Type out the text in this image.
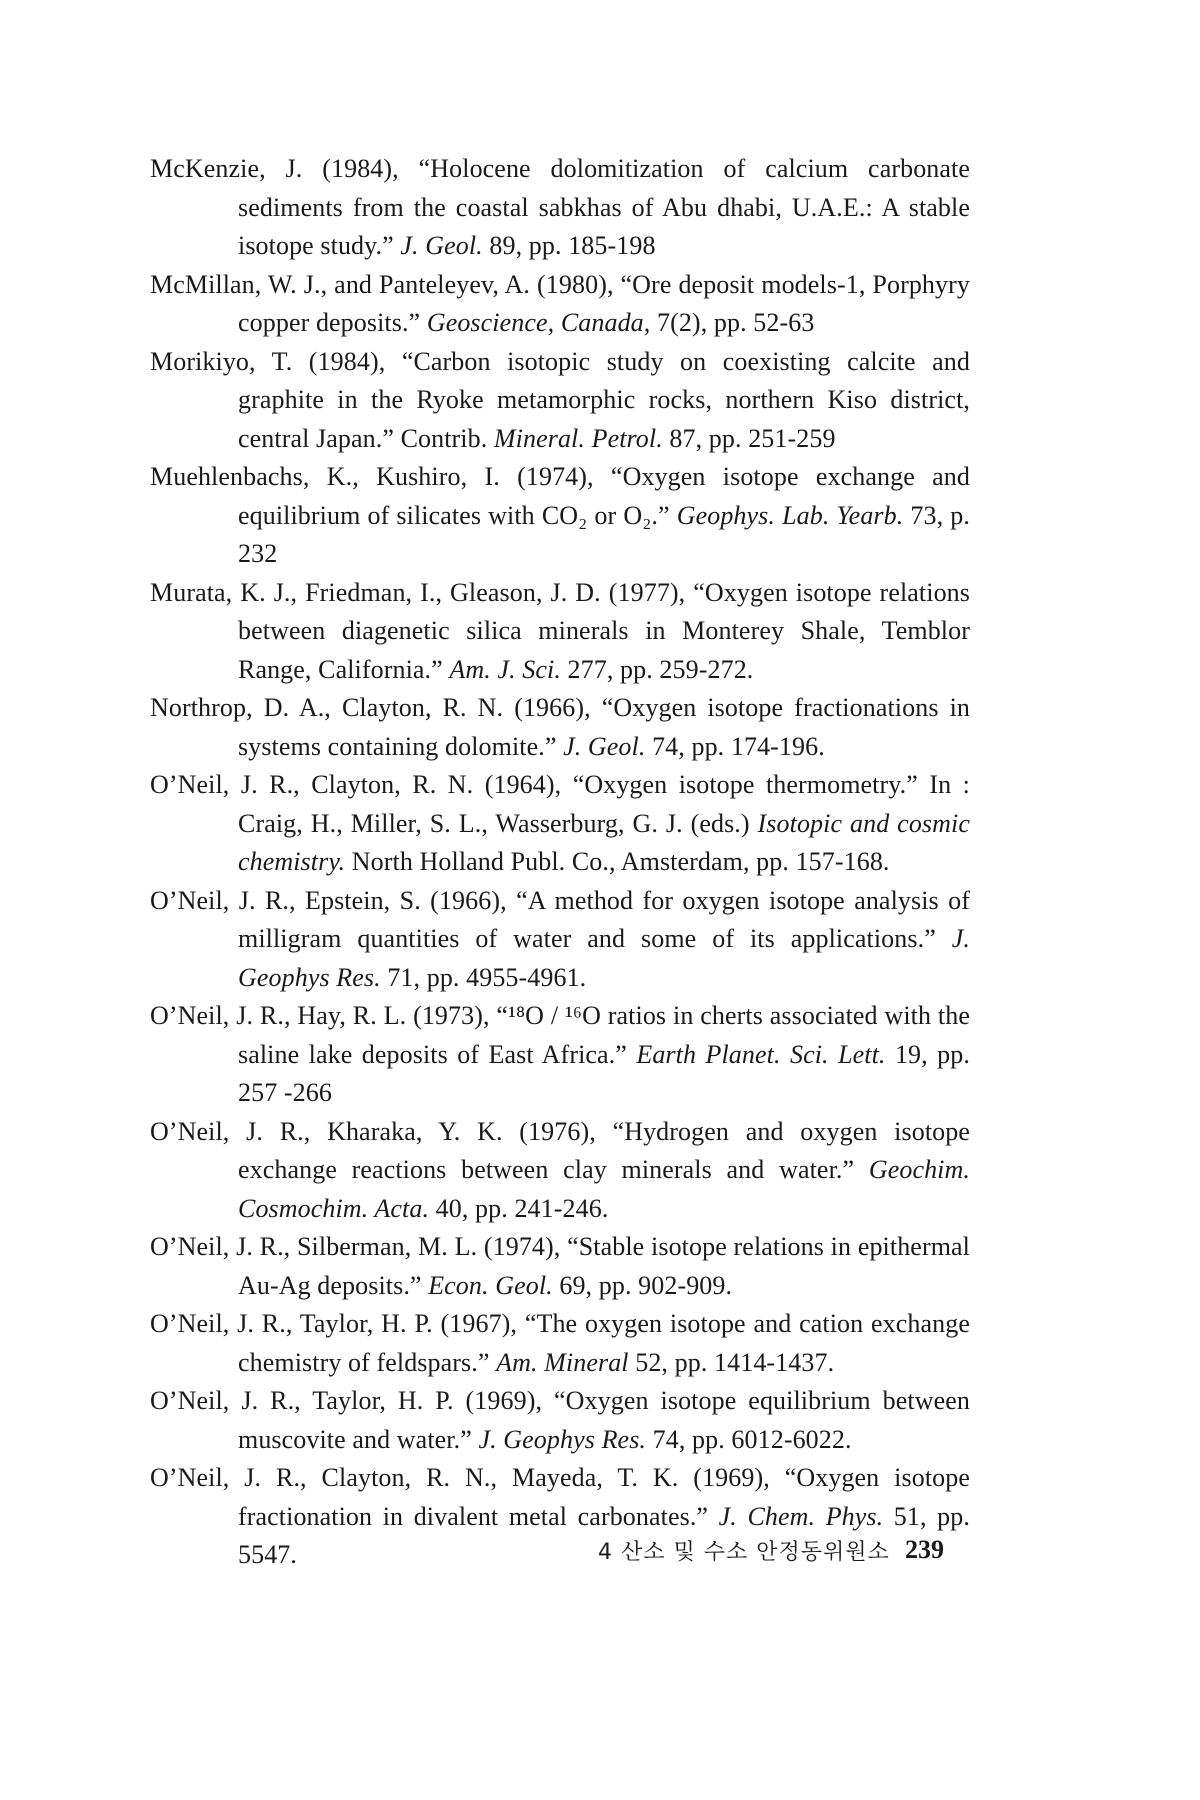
McKenzie, J. (1984), “Holocene dolomitization of calcium carbonate sediments from the coastal sabkhas of Abu dhabi, U.A.E.: A stable isotope study.” J. Geol. 89, pp. 185-198
McMillan, W. J., and Panteleyev, A. (1980), “Ore deposit models-1, Porphyry copper deposits.” Geoscience, Canada, 7(2), pp. 52-63
Morikiyo, T. (1984), “Carbon isotopic study on coexisting calcite and graphite in the Ryoke metamorphic rocks, northern Kiso district, central Japan.” Contrib. Mineral. Petrol. 87, pp. 251-259
Muehlenbachs, K., Kushiro, I. (1974), “Oxygen isotope exchange and equilibrium of silicates with CO₂ or O₂.” Geophys. Lab. Yearb. 73, p. 232
Murata, K. J., Friedman, I., Gleason, J. D. (1977), “Oxygen isotope relations between diagenetic silica minerals in Monterey Shale, Temblor Range, California.” Am. J. Sci. 277, pp. 259-272.
Northrop, D. A., Clayton, R. N. (1966), “Oxygen isotope fractionations in systems containing dolomite.” J. Geol. 74, pp. 174-196.
O’Neil, J. R., Clayton, R. N. (1964), “Oxygen isotope thermometry.” In : Craig, H., Miller, S. L., Wasserburg, G. J. (eds.) Isotopic and cosmic chemistry. North Holland Publ. Co., Amsterdam, pp. 157-168.
O’Neil, J. R., Epstein, S. (1966), “A method for oxygen isotope analysis of milligram quantities of water and some of its applications.” J. Geophys Res. 71, pp. 4955-4961.
O’Neil, J. R., Hay, R. L. (1973), “¹⁸O / ¹⁶O ratios in cherts associated with the saline lake deposits of East Africa.” Earth Planet. Sci. Lett. 19, pp. 257 -266
O’Neil, J. R., Kharaka, Y. K. (1976), “Hydrogen and oxygen isotope exchange reactions between clay minerals and water.” Geochim. Cosmochim. Acta. 40, pp. 241-246.
O’Neil, J. R., Silberman, M. L. (1974), “Stable isotope relations in epithermal Au-Ag deposits.” Econ. Geol. 69, pp. 902-909.
O’Neil, J. R., Taylor, H. P. (1967), “The oxygen isotope and cation exchange chemistry of feldspars.” Am. Mineral 52, pp. 1414-1437.
O’Neil, J. R., Taylor, H. P. (1969), “Oxygen isotope equilibrium between muscovite and water.” J. Geophys Res. 74, pp. 6012-6022.
O’Neil, J. R., Clayton, R. N., Mayeda, T. K. (1969), “Oxygen isotope fractionation in divalent metal carbonates.” J. Chem. Phys. 51, pp. 5547.	4 산소 및 수소 안정동위원소 239
